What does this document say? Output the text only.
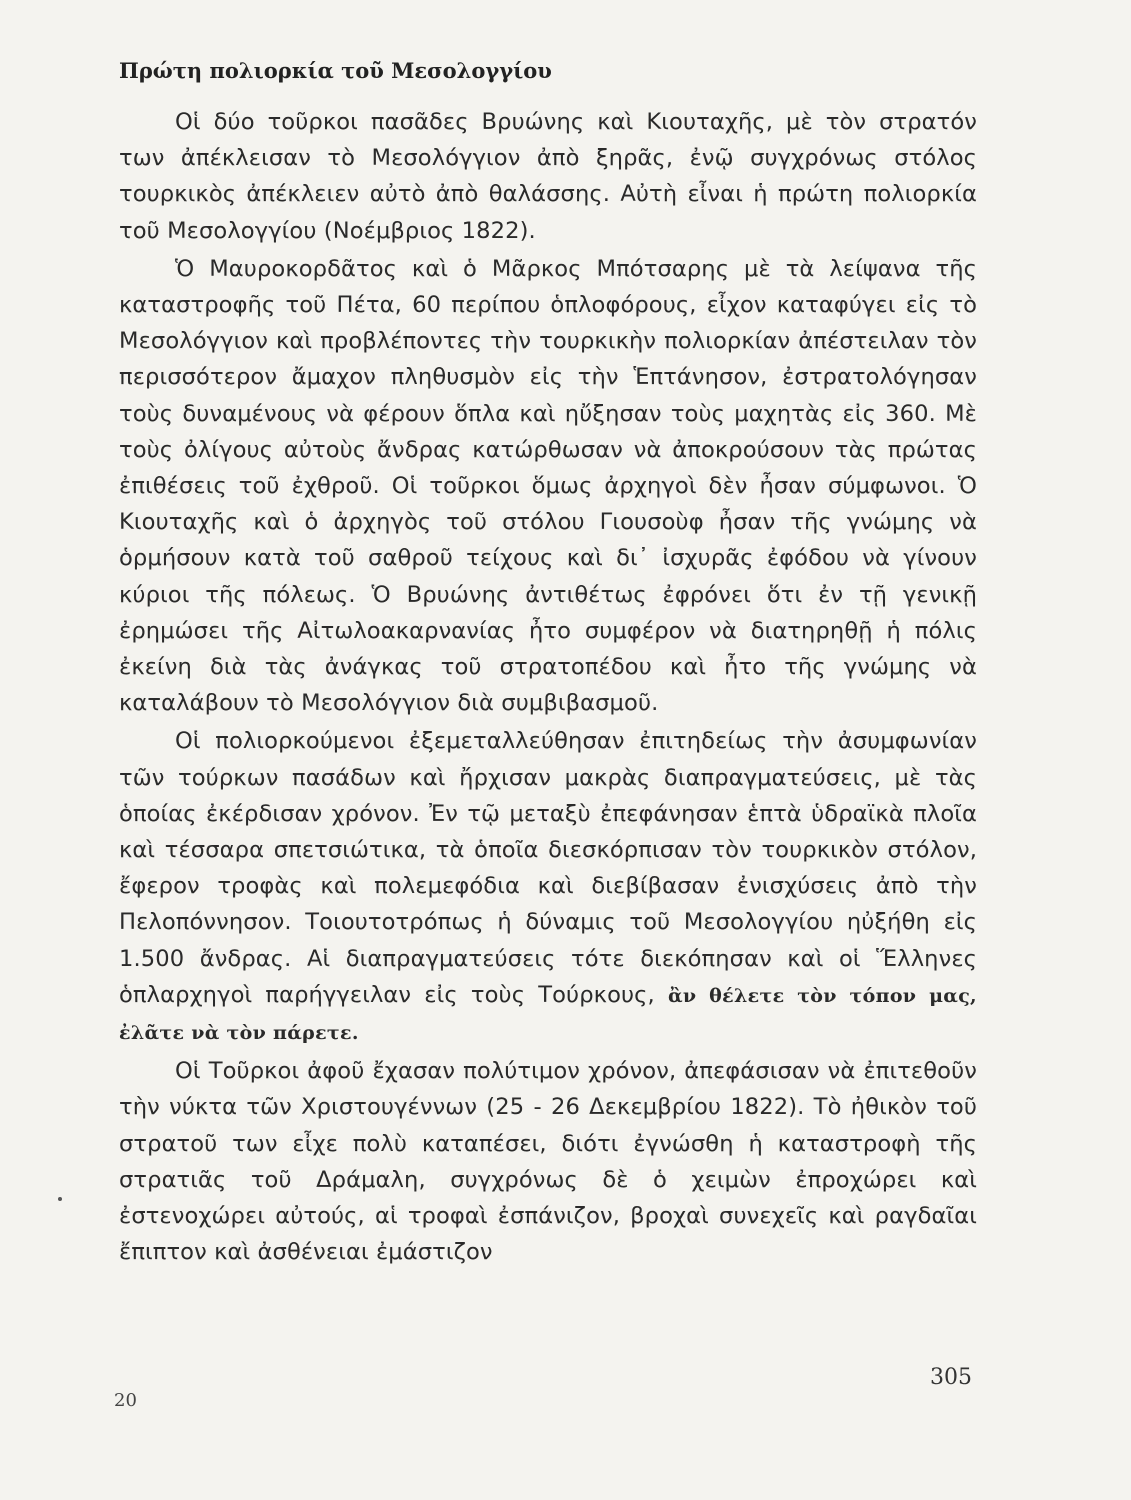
Πρώτη πολιορκία τοῦ Μεσολογγίου

Οἱ δύο τοῦρκοι πασᾶδες Βρυώνης καὶ Κιουταχῆς, μὲ τὸν στρατόν των ἀπέκλεισαν τὸ Μεσολόγγιον ἀπὸ ξηρᾶς, ἐνῷ συγχρόνως στόλος τουρκικὸς ἀπέκλειεν αὐτὸ ἀπὸ θαλάσσης. Αὐτὴ εἶναι ἡ πρώτη πολιορκία τοῦ Μεσολογγίου (Νοέμβριος 1822).

Ὁ Μαυροκορδᾶτος καὶ ὁ Μᾶρκος Μπότσαρης μὲ τὰ λείψανα τῆς καταστροφῆς τοῦ Πέτα, 60 περίπου ὁπλοφόρους, εἶχον καταφύγει εἰς τὸ Μεσολόγγιον καὶ προβλέποντες τὴν τουρκικὴν πολιορκίαν ἀπέστειλαν τὸν περισσότερον ἄμαχον πληθυσμὸν εἰς τὴν Ἑπτάνησον, ἐστρατολόγησαν τοὺς δυναμένους νὰ φέρουν ὅπλα καὶ ηὔξησαν τοὺς μαχητὰς εἰς 360. Μὲ τοὺς ὀλίγους αὐτοὺς ἄνδρας κατώρθωσαν νὰ ἀποκρούσουν τὰς πρώτας ἐπιθέσεις τοῦ ἐχθροῦ. Οἱ τοῦρκοι ὅμως ἀρχηγοὶ δὲν ἦσαν σύμφωνοι. Ὁ Κιουταχῆς καὶ ὁ ἀρχηγὸς τοῦ στόλου Γιουσοὺφ ἦσαν τῆς γνώμης νὰ ὁρμήσουν κατὰ τοῦ σαθροῦ τείχους καὶ δι᾽ ἰσχυρᾶς ἐφόδου νὰ γίνουν κύριοι τῆς πόλεως. Ὁ Βρυώνης ἀντιθέτως ἐφρόνει ὅτι ἐν τῇ γενικῇ ἐρημώσει τῆς Αἰτωλοακαρνανίας ἦτο συμφέρον νὰ διατηρηθῇ ἡ πόλις ἐκείνη διὰ τὰς ἀνάγκας τοῦ στρατοπέδου καὶ ἦτο τῆς γνώμης νὰ καταλάβουν τὸ Μεσολόγγιον διὰ συμβιβασμοῦ.

Οἱ πολιορκούμενοι ἐξεμεταλλεύθησαν ἐπιτηδείως τὴν ἀσυμφωνίαν τῶν τούρκων πασάδων καὶ ἤρχισαν μακρὰς διαπραγματεύσεις, μὲ τὰς ὁποίας ἐκέρδισαν χρόνον. Ἐν τῷ μεταξὺ ἐπεφάνησαν ἑπτὰ ὑδραϊκὰ πλοῖα καὶ τέσσαρα σπετσιώτικα, τὰ ὁποῖα διεσκόρπισαν τὸν τουρκικὸν στόλον, ἔφερον τροφὰς καὶ πολεμεφόδια καὶ διεβίβασαν ἐνισχύσεις ἀπὸ τὴν Πελοπόννησον. Τοιουτοτρόπως ἡ δύναμις τοῦ Μεσολογγίου ηὐξήθη εἰς 1.500 ἄνδρας. Αἱ διαπραγματεύσεις τότε διεκόπησαν καὶ οἱ Ἕλληνες ὁπλαρχηγοὶ παρήγγειλαν εἰς τοὺς Τούρκους, ἂν θέλετε τὸν τόπον μας, ἐλᾶτε νὰ τὸν πάρετε.

Οἱ Τοῦρκοι ἀφοῦ ἔχασαν πολύτιμον χρόνον, ἀπεφάσισαν νὰ ἐπιτεθοῦν τὴν νύκτα τῶν Χριστουγέννων (25 - 26 Δεκεμβρίου 1822). Τὸ ἠθικὸν τοῦ στρατοῦ των εἶχε πολὺ καταπέσει, διότι ἐγνώσθη ἡ καταστροφὴ τῆς στρατιᾶς τοῦ Δράμαλη, συγχρόνως δὲ ὁ χειμὼν ἐπροχώρει καὶ ἐστενοχώρει αὐτούς, αἱ τροφαὶ ἐσπάνιζον, βροχαὶ συνεχεῖς καὶ ραγδαῖαι ἔπιπτον καὶ ἀσθένειαι ἐμάστιζον

20
305
